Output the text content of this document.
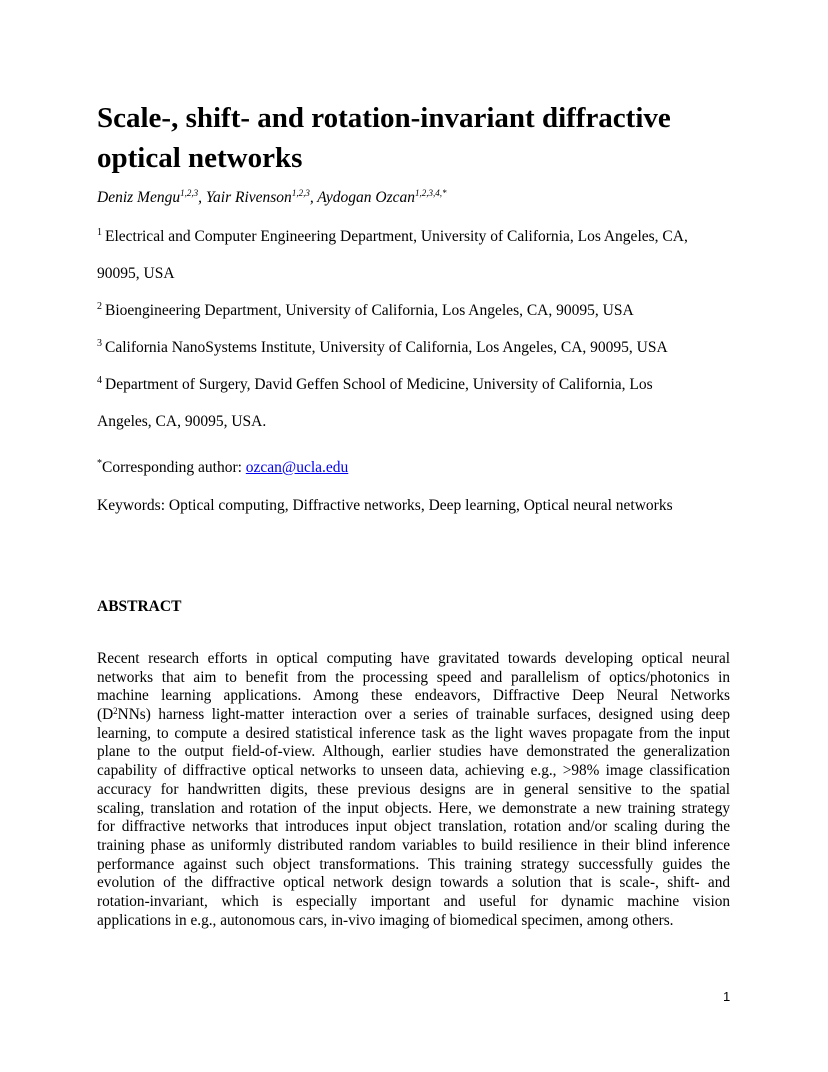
Scale-, shift- and rotation-invariant diffractive
optical networks
Deniz Mengu$^{1,2,3}$, Yair Rivenson$^{1,2,3}$, Aydogan Ozcan$^{1,2,3,4,*}$
$^1$ Electrical and Computer Engineering Department, University of California, Los Angeles, CA,
90095, USA
$^2$ Bioengineering Department, University of California, Los Angeles, CA, 90095, USA
$^3$ California NanoSystems Institute, University of California, Los Angeles, CA, 90095, USA
$^4$ Department of Surgery, David Geffen School of Medicine, University of California, Los
Angeles, CA, 90095, USA.
*Corresponding author: ozcan@ucla.edu
Keywords: Optical computing, Diffractive networks, Deep learning, Optical neural networks
ABSTRACT
Recent research efforts in optical computing have gravitated towards developing optical neural
networks that aim to benefit from the processing speed and parallelism of optics/photonics in
machine learning applications. Among these endeavors, Diffractive Deep Neural Networks
$(D^2NNs)$ harness light-matter interaction over a series of trainable surfaces, designed using deep
learning, to compute a desired statistical inference task as the light waves propagate from the input
plane to the output field-of-view. Although, earlier studies have demonstrated the generalization
capability of diffractive optical networks to unseen data, achieving e.g., >98% image classification
accuracy for handwritten digits, these previous designs are in general sensitive to the spatial
scaling, translation and rotation of the input objects. Here, we demonstrate a new training strategy
for diffractive networks that introduces input object translation, rotation and/or scaling during the
training phase as uniformly distributed random variables to build resilience in their blind inference
performance against such object transformations. This training strategy successfully guides the
evolution of the diffractive optical network design towards a solution that is scale-, shift- and
rotation-invariant, which is especially important and useful for dynamic machine vision
applications in e.g., autonomous cars, in-vivo imaging of biomedical specimen, among others.
1
